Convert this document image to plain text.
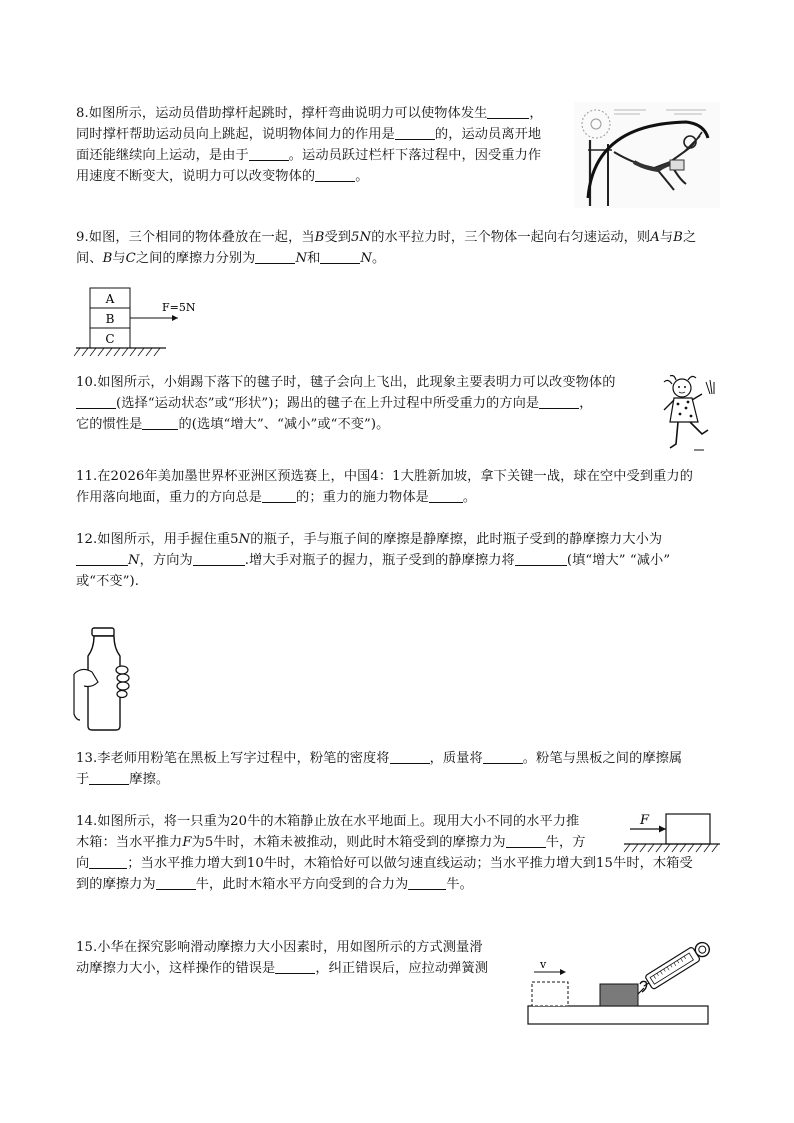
8.如图所示，运动员借助撑杆起跳时，撑杆弯曲说明力可以使物体发生	，
同时撑杆帮助运动员向上跳起，说明物体间力的作用是	的，运动员离开地
面还能继续向上运动，是由于	。运动员跃过栏杆下落过程中，因受重力作
用速度不断变大，说明力可以改变物体的	。
9.如图，三个相同的物体叠放在一起，当B受到5N的水平拉力时，三个物体一起向右匀速运动，则A与B之
间、B与C之间的摩擦力分别为	N和	N。
A
B
C
F=5N
10.如图所示，小娟踢下落下的毽子时，毽子会向上飞出，此现象主要表明力可以改变物体的
(选择“运动状态”或“形状”)；踢出的毽子在上升过程中所受重力的方向是	，
它的惯性是	的(选填“增大”、“减小”或“不变”)。
11.在2026年美加墨世界杯亚洲区预选赛上，中国4：1大胜新加坡，拿下关键一战，球在空中受到重力的
作用落向地面，重力的方向总是	的；重力的施力物体是	。
12.如图所示，用手握住重5N的瓶子，手与瓶子间的摩擦是静摩擦，此时瓶子受到的静摩擦力大小为
N，方向为	.增大手对瓶子的握力，瓶子受到的静摩擦力将	(填“增大” “减小”
或“不变”).
13.李老师用粉笔在黑板上写字过程中，粉笔的密度将	，质量将	。粉笔与黑板之间的摩擦属
于	摩擦。
14.如图所示，将一只重为20牛的木箱静止放在水平地面上。现用大小不同的水平力推
木箱：当水平推力F为5牛时，木箱未被推动，则此时木箱受到的摩擦力为	牛，方
向	；当水平推力增大到10牛时，木箱恰好可以做匀速直线运动；当水平推力增大到15牛时，木箱受
到的摩擦力为	牛，此时木箱水平方向受到的合力为	牛。
F
15.小华在探究影响滑动摩擦力大小因素时，用如图所示的方式测量滑
动摩擦力大小，这样操作的错误是	，纠正错误后，应拉动弹簧测	v
